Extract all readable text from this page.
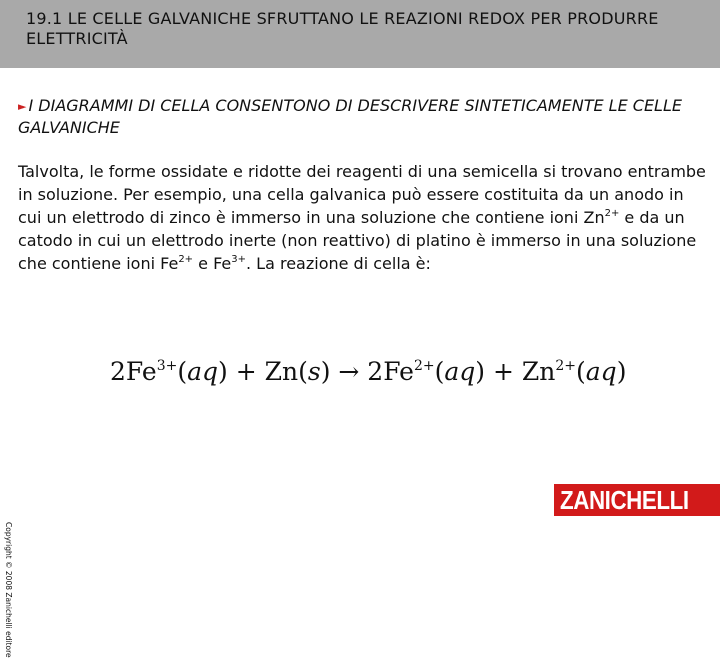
19.1 LE CELLE GALVANICHE SFRUTTANO LE REAZIONI REDOX PER PRODURRE ELETTRICITÀ
► I DIAGRAMMI DI CELLA CONSENTONO DI DESCRIVERE SINTETICAMENTE LE CELLE GALVANICHE
Talvolta, le forme ossidate e ridotte dei reagenti di una semicella si trovano entrambe in soluzione. Per esempio, una cella galvanica può essere costituita da un anodo in cui un elettrodo di zinco è immerso in una soluzione che contiene ioni $Zn^{2+}$ e da un catodo in cui un elettrodo inerte (non reattivo) di platino è immerso in una soluzione che contiene ioni $Fe^{2+}$ e $Fe^{3+}$. La reazione di cella è:
$2Fe^{3+}(aq) + Zn(s) \to 2Fe^{2+}(aq) + Zn^{2+}(aq)$
Copyright © 2008 Zanichelli editore
ZANICHELLI
